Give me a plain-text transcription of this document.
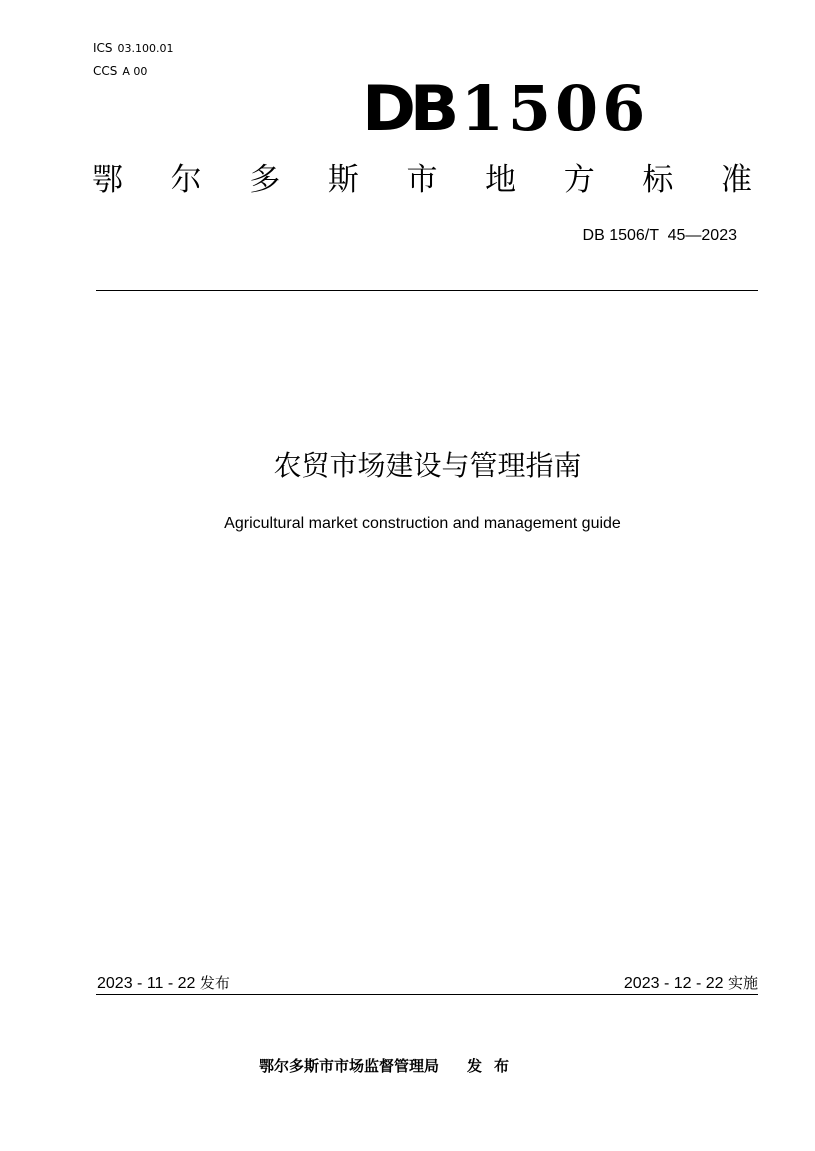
ICS 03.100.01
CCS A 00
DB 1506
鄂 尔 多 斯 市 地 方 标 准
DB 1506/T  45—2023
农贸市场建设与管理指南
Agricultural market construction and management guide
2023 - 11 - 22 发布	2023 - 12 - 22 实施
鄂尔多斯市市场监督管理局 发布
